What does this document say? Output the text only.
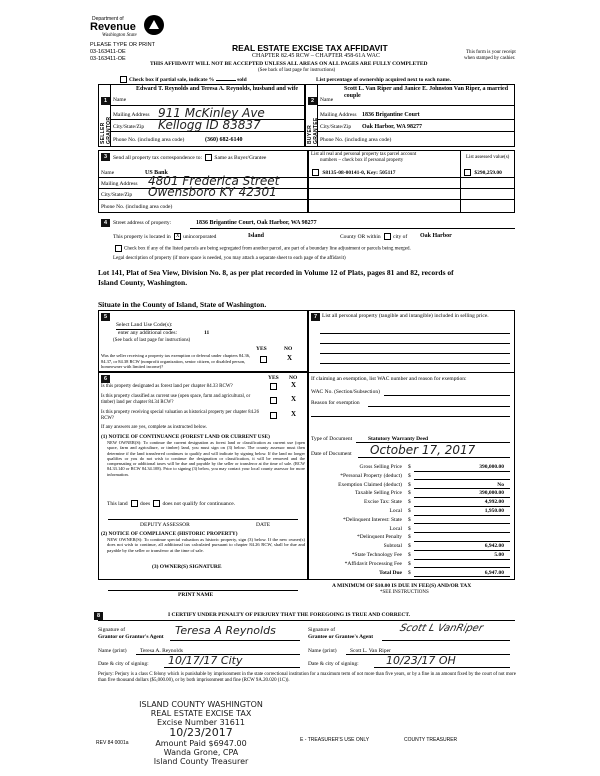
Department of
Revenue
Washington State
PLEASE TYPE OR PRINT
03-163411-OE
03-163411-OE
REAL ESTATE EXCISE TAX AFFIDAVIT
CHAPTER 82.45 RCW – CHAPTER 458-61A WAC
THIS AFFIDAVIT WILL NOT BE ACCEPTED UNLESS ALL AREAS ON ALL PAGES ARE FULLY COMPLETED
(See back of last page for instructions)
This form is your receipt
when stamped by cashier.
Check box if partial sale, indicate %	sold	List percentage of ownership acquired next to each name.
1	2
SELLER GRANTOR	BUYER GRANTEE
Edward T. Reynolds and Teresa A. Reynolds, husband and wife
Name
Mailing Address 911 McKinley Ave
City/State/Zip Kellogg ID 83837
Phone No. (including area code)	(360) 682-6140
Scott L. Van Riper and Janice E. Johnston Van Riper, a married couple
Name
Mailing Address 1836 Brigantine Court
City/State/Zip Oak Harbor, WA 98277
Phone No. (including area code)
3	Send all property tax correspondence to: Same as Buyer/Grantee
Name	US Bank
Mailing Address 4801 Frederica Street
City/State/Zip Owensboro KY 42301
Phone No. (including area code)
List all real and personal property tax parcel account
numbers – check box if personal property
List assessed value(s)
S8135-08-00141-0, Key: 505117	$290,259.00
4	Street address of property:	1836 Brigantine Court, Oak Harbor, WA 98277
This property is located in X unincorporated	Island	County OR within city of Oak Harbor
Check box if any of the listed parcels are being segregated from another parcel, are part of a boundary line adjustment or parcels being merged.
Legal description of property (if more space is needed, you may attach a separate sheet to each page of the affidavit)
Lot 141, Plat of Sea View, Division No. 8, as per plat recorded in Volume 12 of Plats, pages 81 and 82, records of
Island County, Washington.
Situate in the County of Island, State of Washington.
5
Select Land Use Code(s):
enter any additional codes:	11
(See back of last page for instructions)
YES	NO
Was the seller receiving a property tax exemption or deferral under chapters 84.36, 84.37, or 84.38 RCW (nonprofit organization, senior citizen, or disabled person, homeowner with limited income)?
X
6	YES NO
Is this property designated as forest land per chapter 84.33 RCW?	X
Is this property classified as current use (open space, farm and agricultural, or timber) land per chapter 84.34 RCW?	X
Is this property receiving special valuation as historical property per chapter 84.26 RCW?	X
If any answers are yes, complete as instructed below.
(1) NOTICE OF CONTINUANCE (FOREST LAND OR CURRENT USE)
NEW OWNER(S): To continue the current designation as forest land or classification as current use (open space, farm and agriculture, or timber) land, you must sign on (3) below. The county assessor must then determine if the land transferred continues to qualify and will indicate by signing below. If the land no longer qualifies or you do not wish to continue the designation or classification, it will be removed and the compensating or additional taxes will be due and payable by the seller or transferor at the time of sale. (RCW 84.33.140 or RCW 84.34.108). Prior to signing (3) below, you may contact your local county assessor for more information.
This land does does not qualify for continuance.
DEPUTY ASSESSOR	DATE
(2) NOTICE OF COMPLIANCE (HISTORIC PROPERTY)
NEW OWNER(S): To continue special valuation as historic property, sign (3) below. If the new owner(s) does not wish to continue, all additional tax calculated pursuant to chapter 84.26 RCW, shall be due and payable by the seller or transferor at the time of sale.
(3) OWNER(S) SIGNATURE
PRINT NAME
7 List all personal property (tangible and intangible) included in selling price.
If claiming an exemption, list WAC number and reason for exemption:
WAC No. (Section/Subsection)
Reason for exemption
Type of Document	Statutory Warranty Deed
Date of Document October 17, 2017
Gross Selling Price $	390,000.00
*Personal Property (deduct) $
Exemption Claimed (deduct) $	No
Taxable Selling Price $	390,000.00
Excise Tax: State $	4,992.00
Local $	1,950.00
*Delinquent Interest: State $
Local $
*Delinquent Penalty $
Subtotal $	6,942.00
*State Technology Fee $	5.00
*Affidavit Processing Fee $
Total Due $	6,947.00
A MINIMUM OF $10.00 IS DUE IN FEE(S) AND/OR TAX
*SEE INSTRUCTIONS
8	I CERTIFY UNDER PENALTY OF PERJURY THAT THE FOREGOING IS TRUE AND CORRECT.
Signature of
Grantor or Grantor's Agent Teresa A Reynolds	Signature of
Grantee or Grantee's Agent
Scott L VanRiper
Name (print) Teresa A. Reynolds	Name (print) Scott L. Van Riper
Date & city of signing: 10/17/17 City	Date & city of signing: 10/23/17 OH
Perjury: Perjury is a class C felony which is punishable by imprisonment in the state correctional institution for a maximum term of not more than five years, or by a fine in an amount fixed by the court of not more than five thousand dollars ($5,000.00), or by both imprisonment and fine (RCW 9A.20.020 (1C)).
ISLAND COUNTY WASHINGTON
REAL ESTATE EXCISE TAX
Excise Number 31611
10/23/2017
Amount Paid $6947.00
Wanda Grone, CPA
Island County Treasurer
REV 84 0001a	E - TREASURER'S USE ONLY	COUNTY TREASURER
